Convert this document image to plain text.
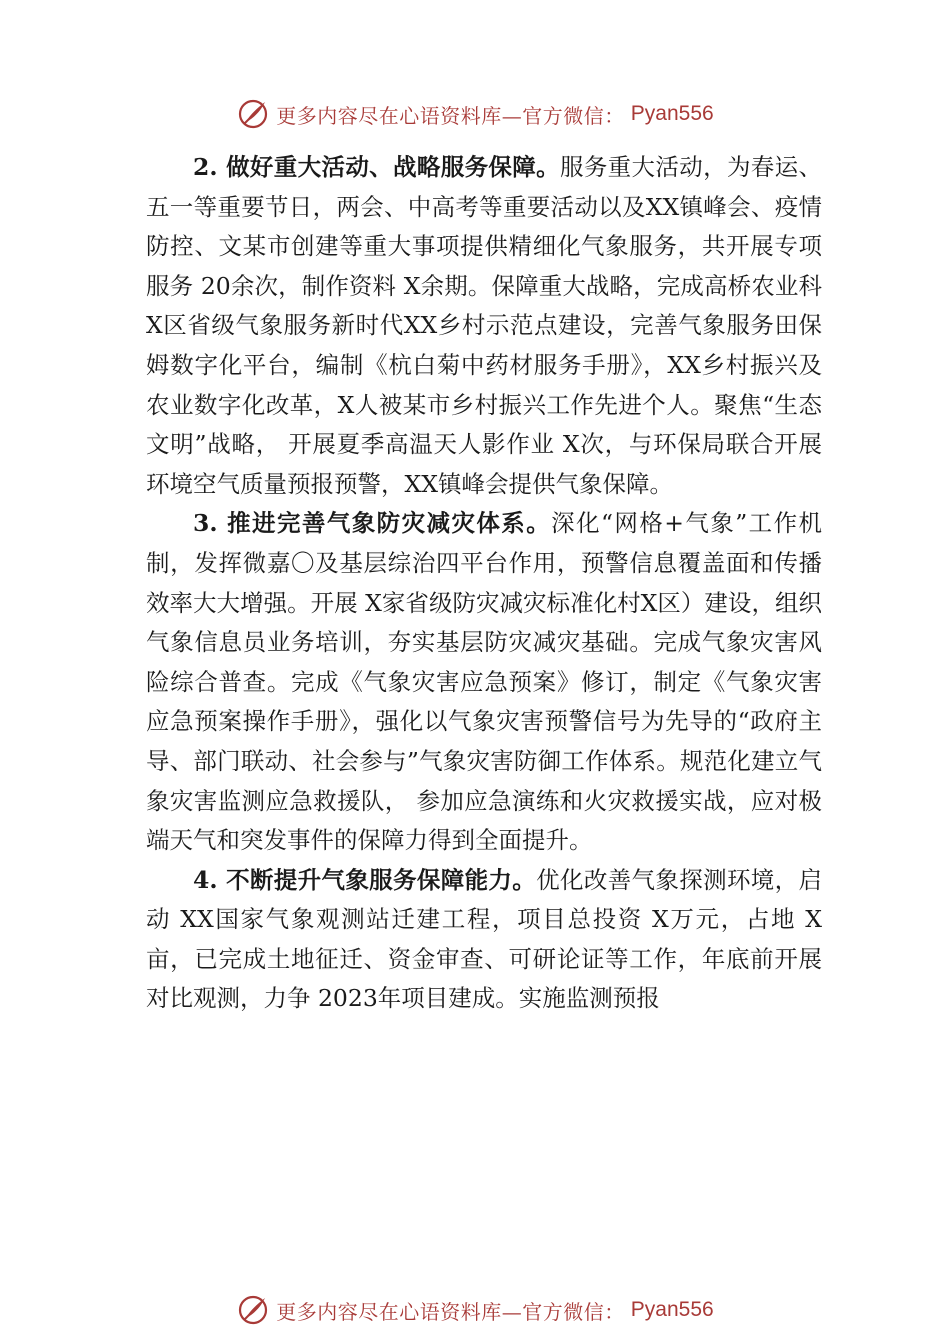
更多内容尽在心语资料库—官方微信： Pyan556

2. 做好重大活动、战略服务保障。服务重大活动，为春运、五一等重要节日，两会、中高考等重要活动以及XX镇峰会、疫情防控、文某市创建等重大事项提供精细化气象服务，共开展专项服务 20余次，制作资料 X余期。保障重大战略，完成高桥农业科X区省级气象服务新时代XX乡村示范点建设，完善气象服务田保姆数字化平台，编制《杭白菊中药材服务手册》，XX乡村振兴及农业数字化改革，X人被某市乡村振兴工作先进个人。聚焦“生态文明”战略， 开展夏季高温天人影作业 X次，与环保局联合开展环境空气质量预报预警，XX镇峰会提供气象保障。

3. 推进完善气象防灾减灾体系。深化“网格+气象”工作机制，发挥微嘉〇及基层综治四平台作用，预警信息覆盖面和传播效率大大增强。开展 X家省级防灾减灾标准化村X区）建设，组织气象信息员业务培训，夯实基层防灾减灾基础。完成气象灾害风险综合普查。完成《气象灾害应急预案》修订，制定《气象灾害应急预案操作手册》，强化以气象灾害预警信号为先导的“政府主导、部门联动、社会参与”气象灾害防御工作体系。规范化建立气象灾害监测应急救援队， 参加应急演练和火灾救援实战，应对极端天气和突发事件的保障力得到全面提升。

4. 不断提升气象服务保障能力。优化改善气象探测环境，启动 XX国家气象观测站迁建工程，项目总投资 X万元，占地 X亩，已完成土地征迁、资金审查、可研论证等工作，年底前开展对比观测，力争 2023年项目建成。实施监测预报

更多内容尽在心语资料库—官方微信： Pyan556
